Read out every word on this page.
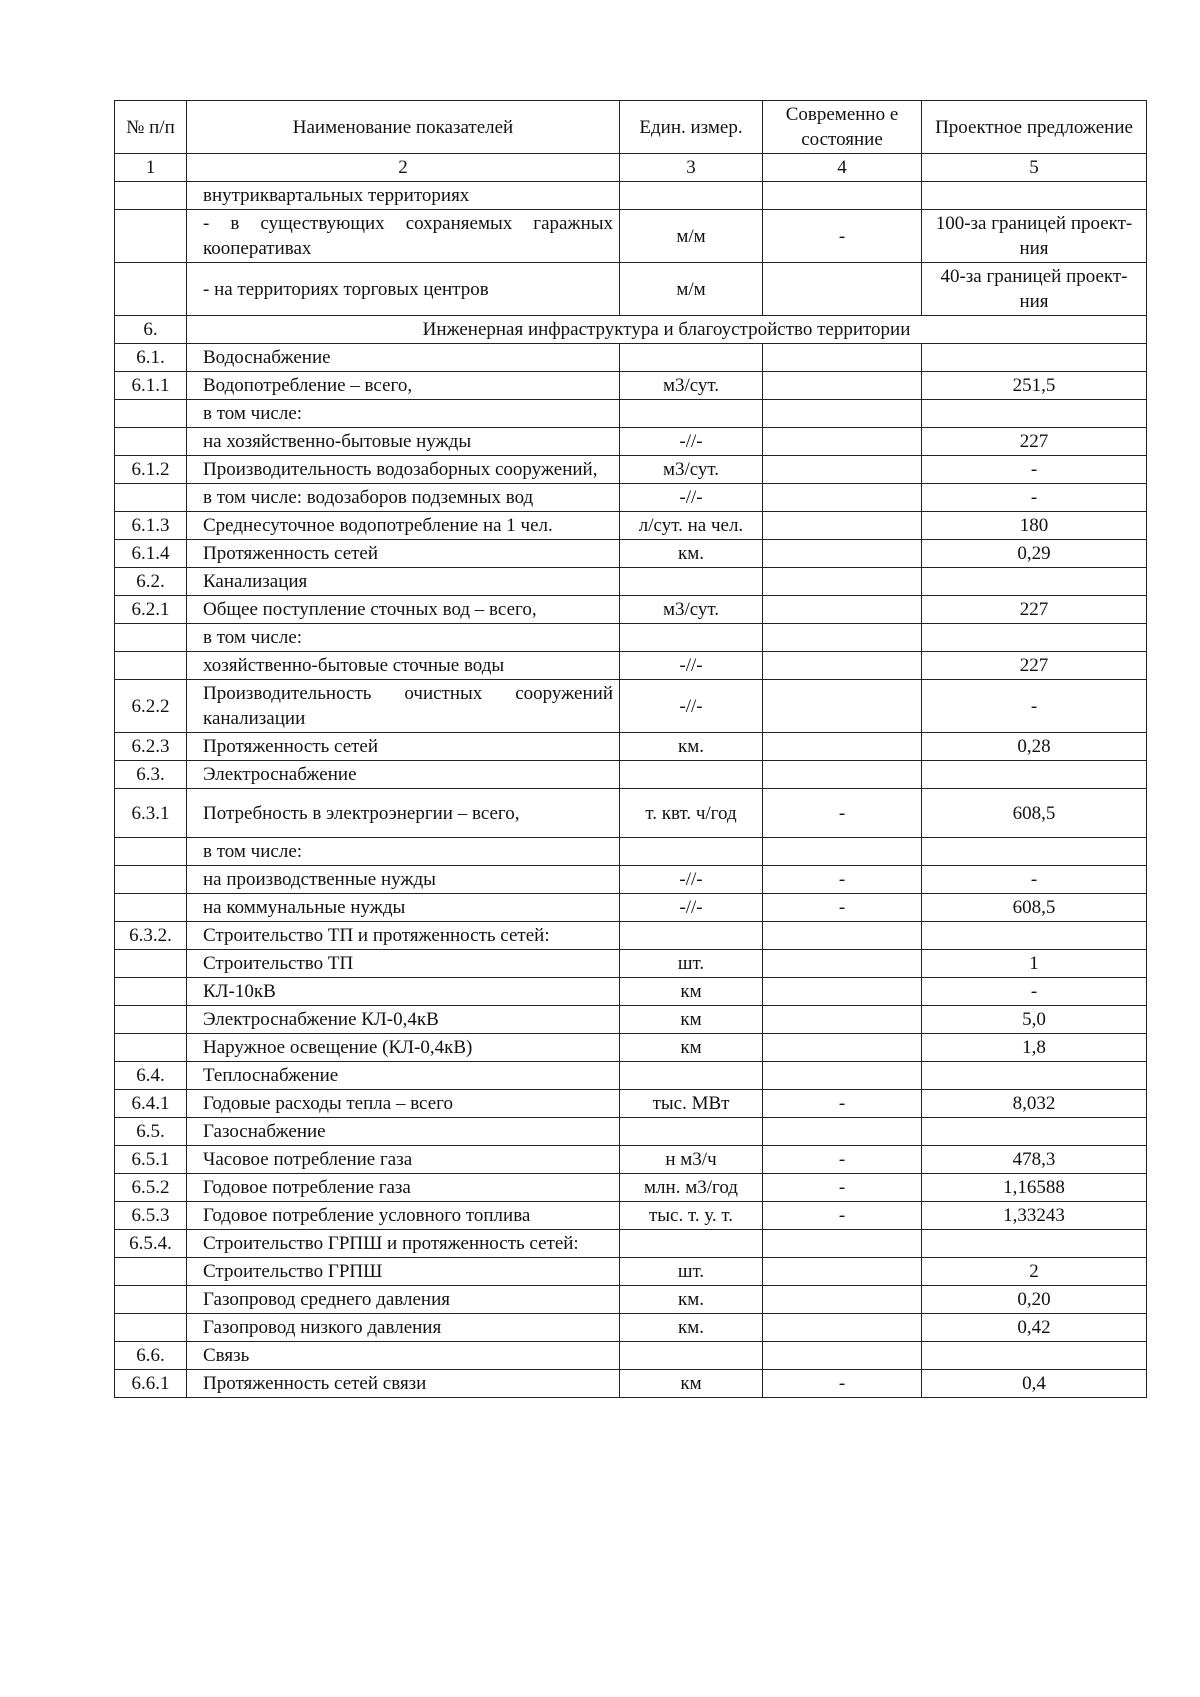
№ п/п	Наименование показателей	Един. измер.	Современно е состояние	Проектное предложение
1	2	3	4	5
	внутриквартальных территориях			
	- в существующих сохраняемых гаражных кооперативах	м/м	-	100-за границей проект-ния
	- на территориях торговых центров	м/м		40-за границей проект-ния
6.	Инженерная инфраструктура и благоустройство территории			
6.1.	Водоснабжение			
6.1.1	Водопотребление – всего,	м3/сут.		251,5
	в том числе:			
	на хозяйственно-бытовые нужды	-//-		227
6.1.2	Производительность водозаборных сооружений,	м3/сут.		-
	в том числе: водозаборов подземных вод	-//-		-
6.1.3	Среднесуточное водопотребление на 1 чел.	л/сут. на чел.		180
6.1.4	Протяженность сетей	км.		0,29
6.2.	Канализация			
6.2.1	Общее поступление сточных вод – всего,	м3/сут.		227
	в том числе:			
	хозяйственно-бытовые сточные воды	-//-		227
6.2.2	Производительность очистных сооружений канализации	-//-		-
6.2.3	Протяженность сетей	км.		0,28
6.3.	Электроснабжение			
6.3.1	Потребность в электроэнергии – всего,	т. квт. ч/год	-	608,5
	в том числе:			
	на производственные нужды	-//-	-	-
	на коммунальные нужды	-//-	-	608,5
6.3.2.	Строительство ТП и протяженность сетей:			
	Строительство ТП	шт.		1
	КЛ-10кВ	км		-
	Электроснабжение КЛ-0,4кВ	км		5,0
	Наружное освещение (КЛ-0,4кВ)	км		1,8
6.4.	Теплоснабжение			
6.4.1	Годовые расходы тепла – всего	тыс. МВт	-	8,032
6.5.	Газоснабжение			
6.5.1	Часовое потребление газа	н м3/ч	-	478,3
6.5.2	Годовое потребление газа	млн. м3/год	-	1,16588
6.5.3	Годовое потребление условного топлива	тыс. т. у. т.	-	1,33243
6.5.4.	Строительство ГРПШ и протяженность сетей:			
	Строительство ГРПШ	шт.		2
	Газопровод среднего давления	км.		0,20
	Газопровод низкого давления	км.		0,42
6.6.	Связь			
6.6.1	Протяженность сетей связи	км	-	0,4
